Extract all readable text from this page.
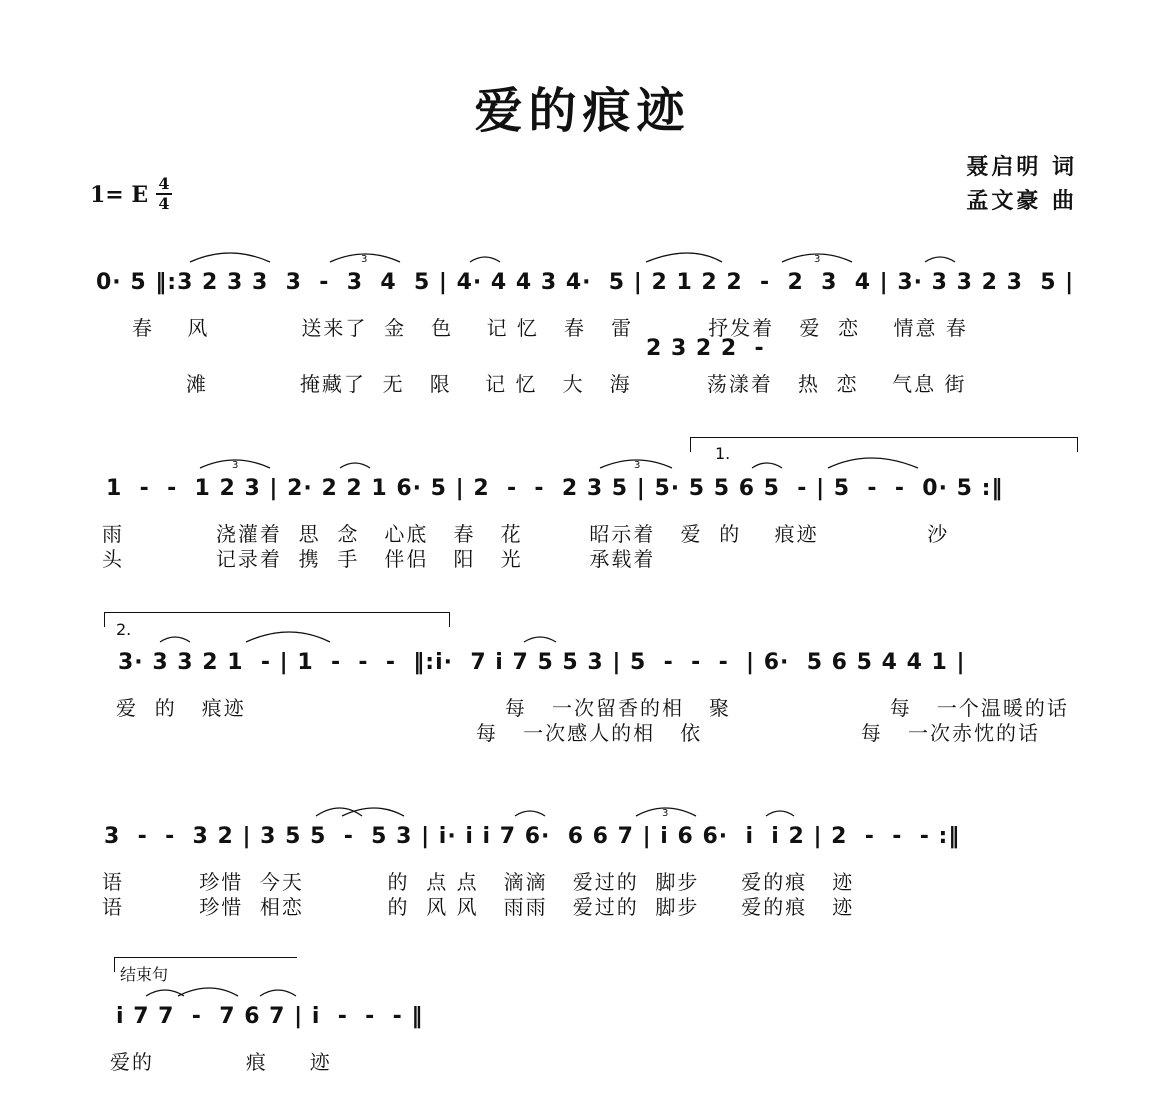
爱的痕迹
聂启明 词
孟文豪 曲
1= E 4
4
0· 5 ‖:3 2 3 3  3  -  3  4  5 | 4· 4 4 3 4·  5 | 2 1 2 2  -  2  3  4 | 3· 3 3 2 3  5 |
春    风           送来了  金   色    记 忆   春   雷         抒发着   爱  恋    情意 春
2 3 2 2  -
滩           掩藏了  无   限    记 忆   大   海         荡漾着   热  恋    气息 街
1.
1  -  -  1 2 3 | 2· 2 2 1 6· 5 | 2  -  -  2 3 5 | 5· 5 5 6 5  - | 5  -  -  0· 5 :‖
雨           浇灌着  思  念   心底   春   花        昭示着   爱  的    痕迹             沙
头           记录着  携  手   伴侣   阳   光        承载着
2.
3· 3 3 2 1  - | 1  -  -  -  ‖:i·  7 i 7 5 5 3 | 5  -  -  -  | 6·  5 6 5 4 4 1 |
爱  的   痕迹                               每   一次留香的相   聚                   每   一个温暖的话
每   一次感人的相   依                   每   一次赤忱的话
3  -  -  3 2 | 3 5 5  -  5 3 | i· i i 7 6·  6 6 7 | i 6 6·  i  i 2 | 2  -  -  - :‖
语         珍惜  今天          的  点 点   滴滴   爱过的  脚步     爱的痕   迹
语         珍惜  相恋          的  风 风   雨雨   爱过的  脚步     爱的痕   迹
结束句
i 7 7  -  7 6 7 | i  -  -  - ‖
爱的           痕     迹
3	3
3	3
3
